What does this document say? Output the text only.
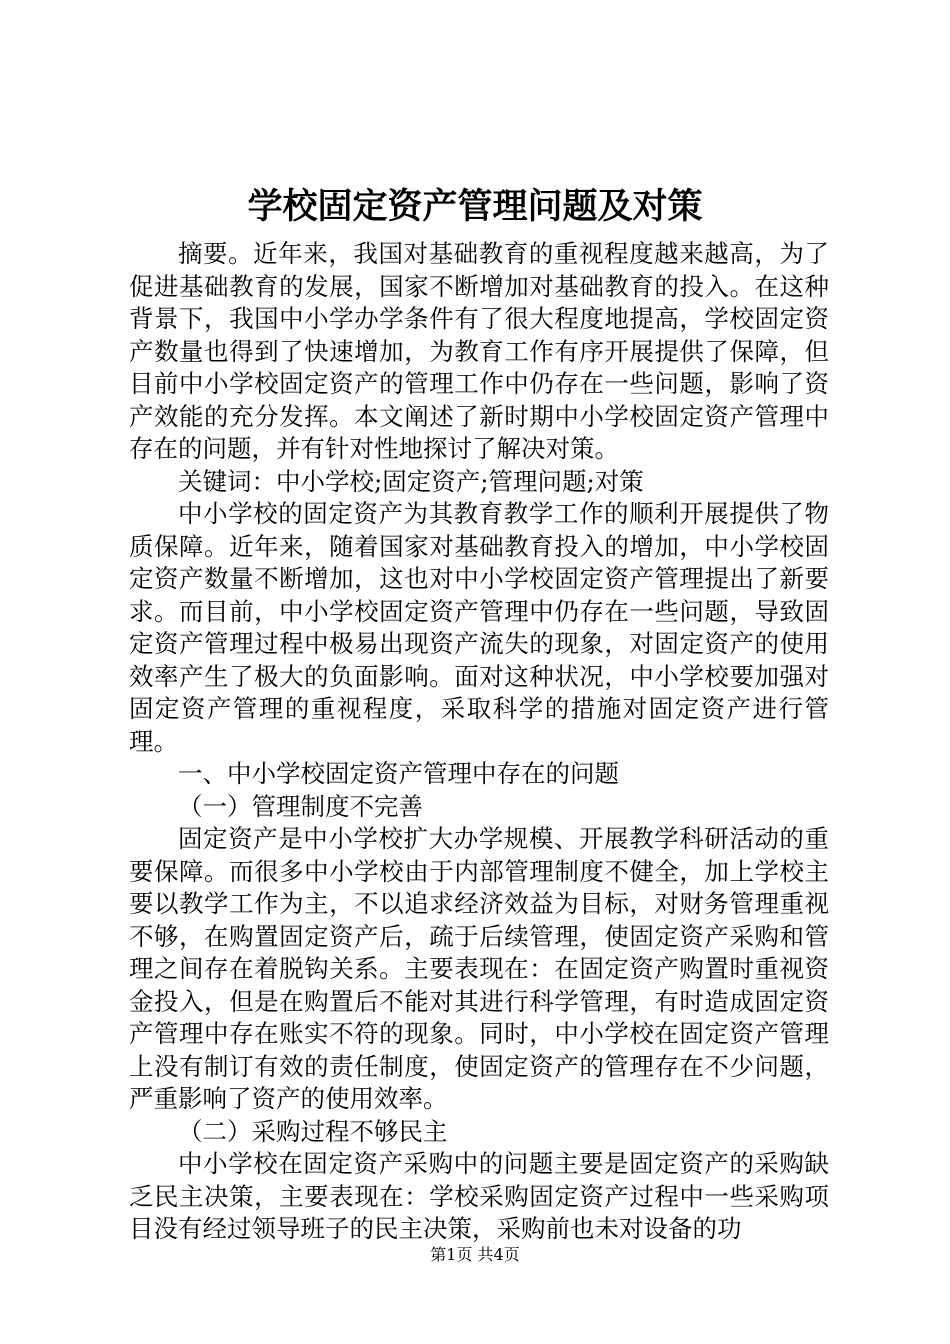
学校固定资产管理问题及对策

摘要。近年来，我国对基础教育的重视程度越来越高，为了促进基础教育的发展，国家不断增加对基础教育的投入。在这种背景下，我国中小学办学条件有了很大程度地提高，学校固定资产数量也得到了快速增加，为教育工作有序开展提供了保障，但目前中小学校固定资产的管理工作中仍存在一些问题，影响了资产效能的充分发挥。本文阐述了新时期中小学校固定资产管理中存在的问题，并有针对性地探讨了解决对策。

关键词：中小学校;固定资产;管理问题;对策

中小学校的固定资产为其教育教学工作的顺利开展提供了物质保障。近年来，随着国家对基础教育投入的增加，中小学校固定资产数量不断增加，这也对中小学校固定资产管理提出了新要求。而目前，中小学校固定资产管理中仍存在一些问题，导致固定资产管理过程中极易出现资产流失的现象，对固定资产的使用效率产生了极大的负面影响。面对这种状况，中小学校要加强对固定资产管理的重视程度，采取科学的措施对固定资产进行管理。

一、中小学校固定资产管理中存在的问题

（一）管理制度不完善

固定资产是中小学校扩大办学规模、开展教学科研活动的重要保障。而很多中小学校由于内部管理制度不健全，加上学校主要以教学工作为主，不以追求经济效益为目标，对财务管理重视不够，在购置固定资产后，疏于后续管理，使固定资产采购和管理之间存在着脱钩关系。主要表现在：在固定资产购置时重视资金投入，但是在购置后不能对其进行科学管理，有时造成固定资产管理中存在账实不符的现象。同时，中小学校在固定资产管理上没有制订有效的责任制度，使固定资产的管理存在不少问题，严重影响了资产的使用效率。

（二）采购过程不够民主

中小学校在固定资产采购中的问题主要是固定资产的采购缺乏民主决策，主要表现在：学校采购固定资产过程中一些采购项目没有经过领导班子的民主决策，采购前也未对设备的功

第1页 共4页
